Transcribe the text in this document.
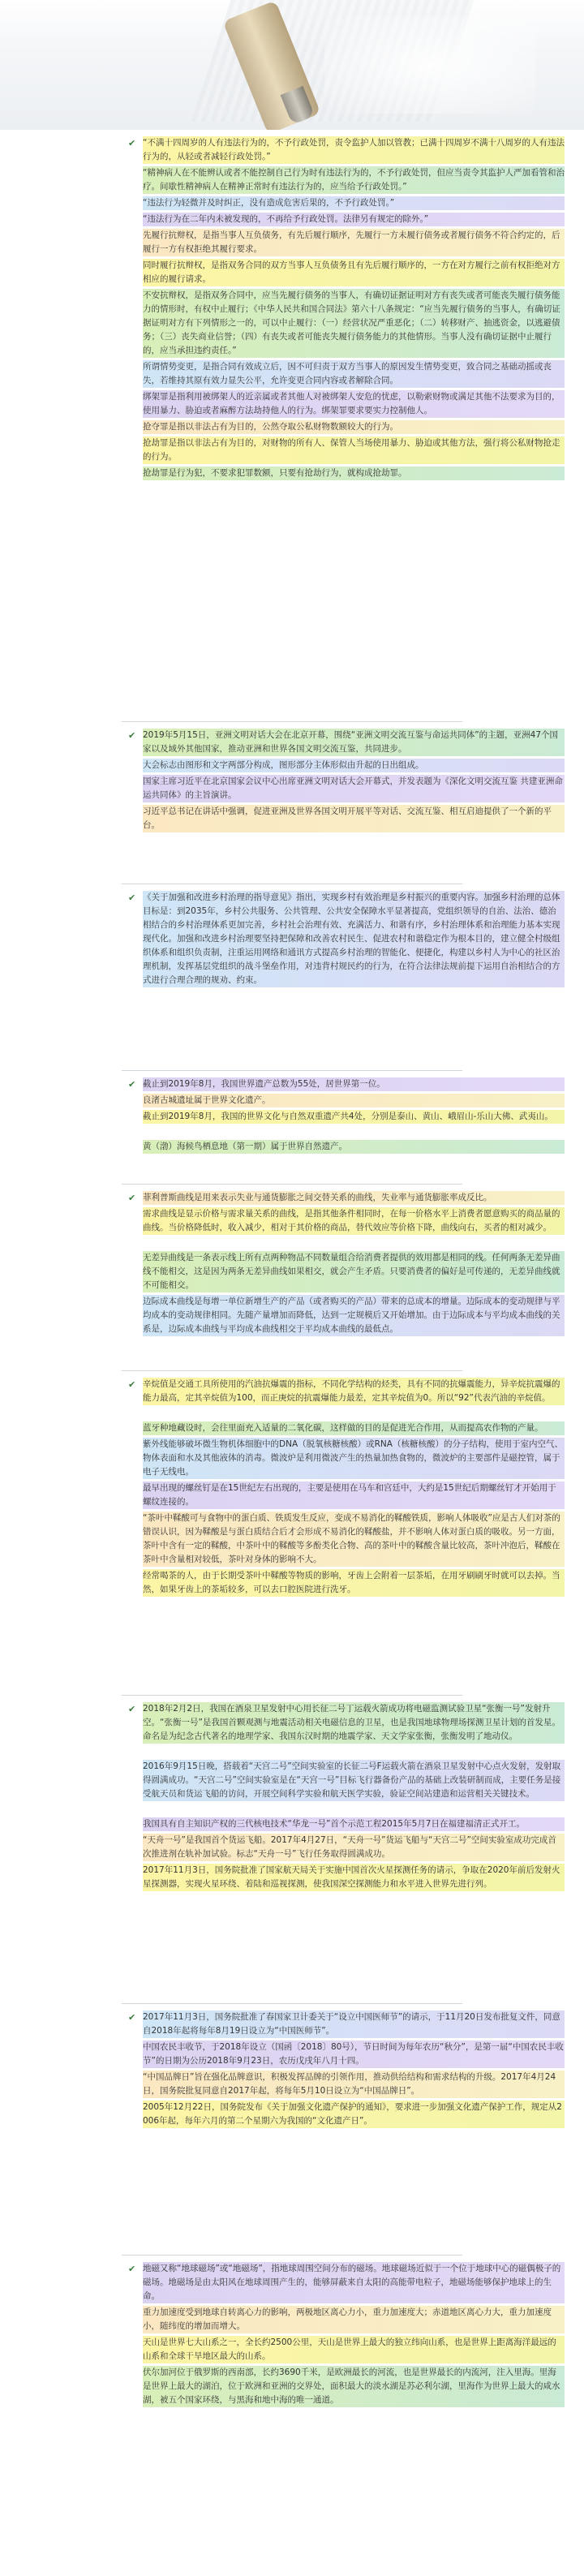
✔ “不满十四周岁的人有违法行为的，不予行政处罚，责令监护人加以管教；已满十四周岁不满十八周岁的人有违法行为的，从轻或者减轻行政处罚。”

“精神病人在不能辨认或者不能控制自己行为时有违法行为的，不予行政处罚，但应当责令其监护人严加看管和治疗。间歇性精神病人在精神正常时有违法行为的，应当给予行政处罚。”

“违法行为轻微并及时纠正，没有造成危害后果的，不予行政处罚。”

“违法行为在二年内未被发现的，不再给予行政处罚。法律另有规定的除外。”

先履行抗辩权，是指当事人互负债务，有先后履行顺序，先履行一方未履行债务或者履行债务不符合约定的，后履行一方有权拒绝其履行要求。

同时履行抗辩权，是指双务合同的双方当事人互负债务且有先后履行顺序的，一方在对方履行之前有权拒绝对方相应的履行请求。

不安抗辩权，是指双务合同中，应当先履行债务的当事人，有确切证据证明对方有丧失或者可能丧失履行债务能力的情形时，有权中止履行；《中华人民共和国合同法》第六十八条规定：“应当先履行债务的当事人，有确切证据证明对方有下列情形之一的，可以中止履行：（一）经营状况严重恶化；（二）转移财产、抽逃资金，以逃避债务；（三）丧失商业信誉；（四）有丧失或者可能丧失履行债务能力的其他情形。当事人没有确切证据中止履行的，应当承担违约责任。”

所谓情势变更，是指合同有效成立后，因不可归责于双方当事人的原因发生情势变更，致合同之基础动摇或丧失，若维持其原有效力显失公平，允许变更合同内容或者解除合同。

绑架罪是指利用被绑架人的近亲属或者其他人对被绑架人安危的忧虑，以勒索财物或满足其他不法要求为目的，使用暴力、胁迫或者麻醉方法劫持他人的行为。绑架罪要求要实力控制他人。

抢夺罪是指以非法占有为目的，公然夺取公私财物数额较大的行为。

抢劫罪是指以非法占有为目的，对财物的所有人、保管人当场使用暴力、胁迫或其他方法，强行将公私财物抢走的行为。

抢劫罪是行为犯，不要求犯罪数额，只要有抢劫行为，就构成抢劫罪。

✔ 2019年5月15日，亚洲文明对话大会在北京开幕，围绕“亚洲文明交流互鉴与命运共同体”的主题，亚洲47个国家以及域外其他国家，推动亚洲和世界各国文明交流互鉴，共同进步。

大会标志由图形和文字两部分构成，图形部分主体形似由升起的日出组成。

国家主席习近平在北京国家会议中心出席亚洲文明对话大会开幕式，并发表题为《深化文明交流互鉴 共建亚洲命运共同体》的主旨演讲。

习近平总书记在讲话中强调，促进亚洲及世界各国文明开展平等对话、交流互鉴、相互启迪提供了一个新的平台。

✔ 《关于加强和改进乡村治理的指导意见》指出，实现乡村有效治理是乡村振兴的重要内容。加强乡村治理的总体目标是：到2035年，乡村公共服务、公共管理、公共安全保障水平显著提高，党组织领导的自治、法治、德治相结合的乡村治理体系更加完善，乡村社会治理有效、充满活力、和谐有序，乡村治理体系和治理能力基本实现现代化。加强和改进乡村治理要坚持把保障和改善农村民生、促进农村和谐稳定作为根本目的，建立健全村级组织体系和组织负责制，注重运用网络和通讯方式提高乡村治理的智能化、便捷化，构建以乡村人为中心的社区治理机制，发挥基层党组织的战斗堡垒作用，对违背村规民约的行为，在符合法律法规前提下运用自治相结合的方式进行合理合理的规劝、约束。

✔ 截止到2019年8月，我国世界遗产总数为55处，居世界第一位。

良渚古城遗址属于世界文化遗产。

截止到2019年8月，我国的世界文化与自然双重遗产共4处，分别是泰山、黄山、峨眉山-乐山大佛、武夷山。

黄（渤）海候鸟栖息地（第一期）属于世界自然遗产。

✔ 菲利普斯曲线是用来表示失业与通货膨胀之间交替关系的曲线，失业率与通货膨胀率成反比。

需求曲线是显示价格与需求量关系的曲线，是指其他条件相同时，在每一价格水平上消费者愿意购买的商品量的曲线。当价格降低时，收入减少，相对于其价格的商品，替代效应等价格下降，曲线向右，买者的相对减少。

无差异曲线是一条表示线上所有点两种物品不同数量组合给消费者提供的效用都是相同的线。任何两条无差异曲线不能相交，这是因为两条无差异曲线如果相交，就会产生矛盾。只要消费者的偏好是可传递的，无差异曲线就不可能相交。

边际成本曲线是每增一单位新增生产的产品（或者购买的产品）带来的总成本的增量。边际成本的变动规律与平均成本的变动规律相同。先随产量增加而降低，达到一定规模后又开始增加。由于边际成本与平均成本曲线的关系是，边际成本曲线与平均成本曲线相交于平均成本曲线的最低点。

✔ 辛烷值是交通工具所使用的汽油抗爆震的指标，不同化学结构的烃类，具有不同的抗爆震能力，异辛烷抗震爆的能力最高，定其辛烷值为100，而正庚烷的抗震爆能力最差，定其辛烷值为0。所以“92”代表汽油的辛烷值。

蓝牙种地藏设时，会往里面充入适量的二氧化碳，这样做的目的是促进光合作用，从而提高农作物的产量。

紫外线能够破坏微生物机体细胞中的DNA（脱氧核糖核酸）或RNA（核糖核酸）的分子结构，使用于室内空气、物体表面和水及其他液体的消毒。微波炉是利用微波产生的热量加热食物的，微波炉的主要部件是磁控管，属于电子无线电。

最早出现的螺丝钉是在15世纪左右出现的，主要是使用在马车和宫廷中，大约是15世纪后期螺丝钉才开始用于螺纹连接的。

“茶叶中鞣酸可与食物中的蛋白质、铁质发生反应，变成不易消化的鞣酸铁质，影响人体吸收”应是古人们对茶的错误认识，因为鞣酸是与蛋白质结合后才会形成不易消化的鞣酸盐，并不影响人体对蛋白质的吸收。另一方面，茶叶中含有一定的鞣酸，中茶叶中的鞣酸等多酚类化合物、高的茶叶中的鞣酸含量比较高，茶叶冲泡后，鞣酸在茶叶中含量相对较低，茶叶对身体的影响不大。

经常喝茶的人，由于长期受茶叶中鞣酸等物质的影响，牙齿上会附着一层茶垢，在用牙刷刷牙时就可以去掉。当然，如果牙齿上的茶垢较多，可以去口腔医院进行洗牙。

✔ 2018年2月2日，我国在酒泉卫星发射中心用长征二号丁运载火箭成功将电磁监测试验卫星“张衡一号”发射升空。“张衡一号”是我国首颗观测与地震活动相关电磁信息的卫星，也是我国地球物理场探测卫星计划的首发星。命名是为纪念古代著名的地理学家、我国东汉时期的地震学家、天文学家张衡，张衡发明了地动仪。

2016年9月15日晚，搭载着“天宫二号”空间实验室的长征二号F运载火箭在酒泉卫星发射中心点火发射，发射取得圆满成功。“天宫二号”空间实验室是在“天宫一号”目标飞行器备份产品的基础上改装研制而成，主要任务是接受航天员和货运飞船的访问，开展空间科学实验和航天医学实验，验证空间站建造和运营相关关键技术。

我国具有自主知识产权的三代核电技术“华龙一号”首个示范工程2015年5月7日在福建福清正式开工。

“天舟一号”是我国首个货运飞船。2017年4月27日，“天舟一号”货运飞船与“天宫二号”空间实验室成功完成首次推进剂在轨补加试验。标志“天舟一号”飞行任务取得圆满成功。

2017年11月3日，国务院批准了国家航天局关于实施中国首次火星探测任务的请示，争取在2020年前后发射火星探测器，实现火星环绕、着陆和巡视探测，使我国深空探测能力和水平进入世界先进行列。

✔ 2017年11月3日，国务院批准了春国家卫计委关于“设立中国医师节”的请示，于11月20日发布批复文件，同意自2018年起将每年8月19日设立为“中国医师节”。

中国农民丰收节，于2018年设立（国函〔2018〕80号），节日时间为每年农历“秋分”，是第一届“中国农民丰收节”的日期为公历2018年9月23日，农历戊戌年八月十四。

“中国品牌日”旨在强化品牌意识，积极发挥品牌的引领作用，推动供给结构和需求结构的升级。2017年4月24日，国务院批复同意自2017年起，将每年5月10日设立为“中国品牌日”。

2005年12月22日，国务院发布《关于加强文化遗产保护的通知》，要求进一步加强文化遗产保护工作，规定从2006年起，每年六月的第二个星期六为我国的“文化遗产日”。

✔ 地磁又称“地球磁场”或“地磁场”，指地球周围空间分布的磁场。地球磁场近似于一个位于地球中心的磁偶极子的磁场。地磁场是由太阳风在地球周围产生的，能够屏蔽来自太阳的高能带电粒子，地磁场能够保护地球上的生命。

重力加速度受到地球自转离心力的影响，两极地区离心力小，重力加速度大；赤道地区离心力大，重力加速度小，随纬度的增加而增大。

天山是世界七大山系之一，全长约2500公里，天山是世界上最大的独立纬向山系，也是世界上距离海洋最远的山系和全球干旱地区最大的山系。

伏尔加河位于俄罗斯的西南部，长约3690千米，是欧洲最长的河流，也是世界最长的内流河，注入里海。里海是世界上最大的湖泊，位于欧洲和亚洲的交界处，面积最大的淡水湖是苏必利尔湖，里海作为世界上最大的咸水湖，被五个国家环绕，与黑海和地中海的唯一通道。
